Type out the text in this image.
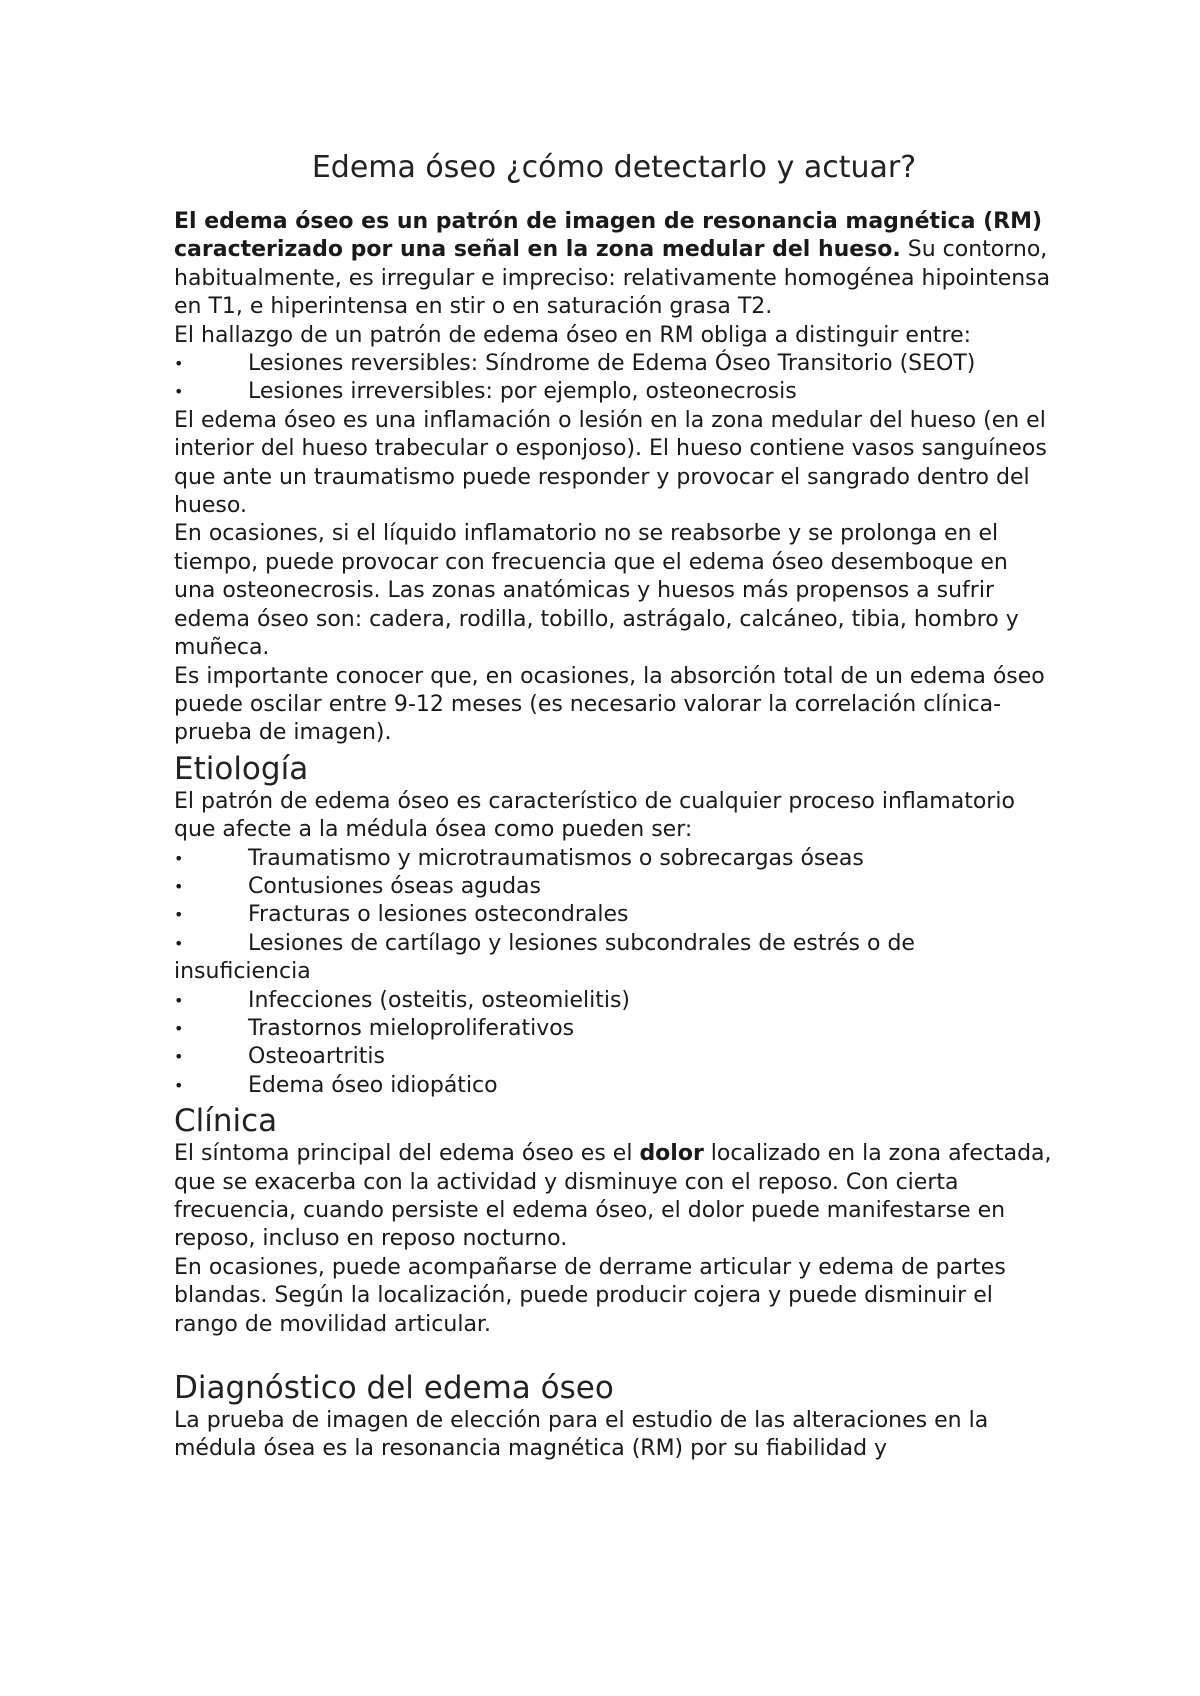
Edema óseo ¿cómo detectarlo y actuar?

El edema óseo es un patrón de imagen de resonancia magnética (RM) caracterizado por una señal en la zona medular del hueso. Su contorno, habitualmente, es irregular e impreciso: relativamente homogénea hipointensa en T1, e hiperintensa en stir o en saturación grasa T2.

El hallazgo de un patrón de edema óseo en RM obliga a distinguir entre:

•	Lesiones reversibles: Síndrome de Edema Óseo Transitorio (SEOT)

•	Lesiones irreversibles: por ejemplo, osteonecrosis

El edema óseo es una inflamación o lesión en la zona medular del hueso (en el interior del hueso trabecular o esponjoso). El hueso contiene vasos sanguíneos que ante un traumatismo puede responder y provocar el sangrado dentro del hueso.

En ocasiones, si el líquido inflamatorio no se reabsorbe y se prolonga en el tiempo, puede provocar con frecuencia que el edema óseo desemboque en una osteonecrosis. Las zonas anatómicas y huesos más propensos a sufrir edema óseo son: cadera, rodilla, tobillo, astrágalo, calcáneo, tibia, hombro y muñeca.

Es importante conocer que, en ocasiones, la absorción total de un edema óseo puede oscilar entre 9-12 meses (es necesario valorar la correlación clínica-prueba de imagen).

Etiología

El patrón de edema óseo es característico de cualquier proceso inflamatorio que afecte a la médula ósea como pueden ser:

•	Traumatismo y microtraumatismos o sobrecargas óseas

•	Contusiones óseas agudas

•	Fracturas o lesiones ostecondrales

•	Lesiones de cartílago y lesiones subcondrales de estrés o de insuficiencia

•	Infecciones (osteitis, osteomielitis)

•	Trastornos mieloproliferativos

•	Osteoartritis

•	Edema óseo idiopático

Clínica

El síntoma principal del edema óseo es el dolor localizado en la zona afectada, que se exacerba con la actividad y disminuye con el reposo. Con cierta frecuencia, cuando persiste el edema óseo, el dolor puede manifestarse en reposo, incluso en reposo nocturno.

En ocasiones, puede acompañarse de derrame articular y edema de partes blandas. Según la localización, puede producir cojera y puede disminuir el rango de movilidad articular.

Diagnóstico del edema óseo

La prueba de imagen de elección para el estudio de las alteraciones en la médula ósea es la resonancia magnética (RM) por su fiabilidad y
